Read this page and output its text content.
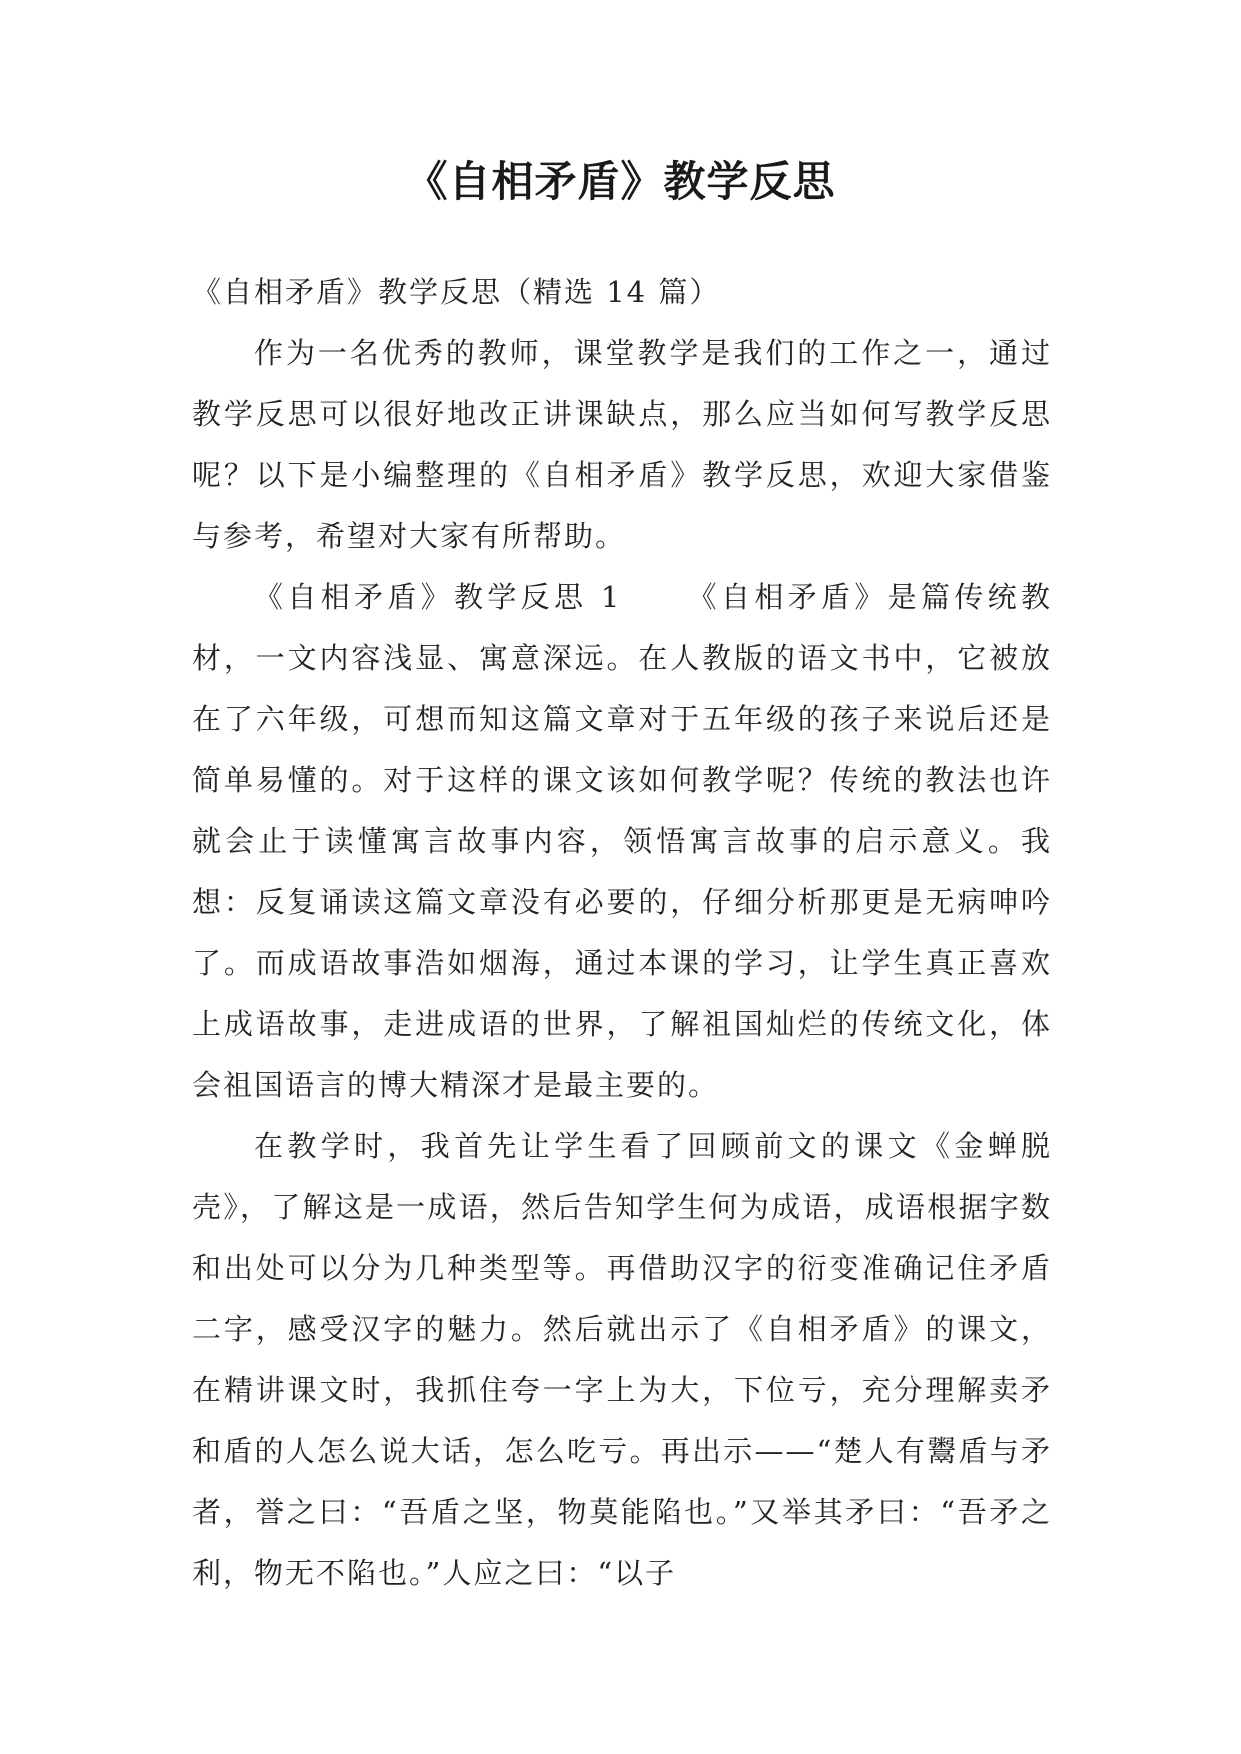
《自相矛盾》教学反思

《自相矛盾》教学反思（精选 14 篇）

作为一名优秀的教师，课堂教学是我们的工作之一，通过教学反思可以很好地改正讲课缺点，那么应当如何写教学反思呢？以下是小编整理的《自相矛盾》教学反思，欢迎大家借鉴与参考，希望对大家有所帮助。

《自相矛盾》教学反思 1 《自相矛盾》是篇传统教材，一文内容浅显、寓意深远。在人教版的语文书中，它被放在了六年级，可想而知这篇文章对于五年级的孩子来说后还是简单易懂的。对于这样的课文该如何教学呢？传统的教法也许就会止于读懂寓言故事内容，领悟寓言故事的启示意义。我想：反复诵读这篇文章没有必要的，仔细分析那更是无病呻吟了。而成语故事浩如烟海，通过本课的学习，让学生真正喜欢上成语故事，走进成语的世界，了解祖国灿烂的传统文化，体会祖国语言的博大精深才是最主要的。

在教学时，我首先让学生看了回顾前文的课文《金蝉脱壳》，了解这是一成语，然后告知学生何为成语，成语根据字数和出处可以分为几种类型等。再借助汉字的衍变准确记住矛盾二字，感受汉字的魅力。然后就出示了《自相矛盾》的课文，在精讲课文时，我抓住夸一字上为大，下位亏，充分理解卖矛和盾的人怎么说大话，怎么吃亏。再出示——“楚人有鬻盾与矛者，誉之曰：“吾盾之坚，物莫能陷也。”又举其矛曰：“吾矛之利，物无不陷也。”人应之曰：“以子
